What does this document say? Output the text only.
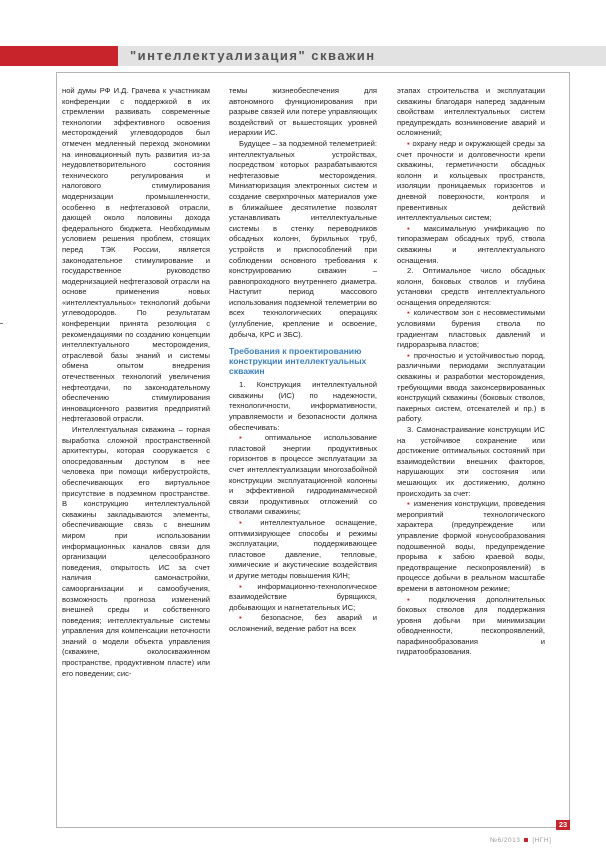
"интеллектуализация" скважин

ной думы РФ И.Д. Грачева к участникам конференции с поддержкой в их стремлении развивать современные технологии эффективного освоения месторождений углеводородов был отмечен медленный переход экономики на инновационный путь развития из-за неудовлетворительного состояния технического регулирования и налогового стимулирования модернизации промышленности, особенно в нефтегазовой отрасли, дающей около половины дохода федерального бюджета. Необходимым условием решения проблем, стоящих перед ТЭК России, является законодательное стимулирование и государственное руководство модернизацией нефтегазовой отрасли на основе применения новых «интеллектуальных» технологий добычи углеводородов. По результатам конференции принята резолюция с рекомендациями по созданию концепции интеллектуального месторождения, отраслевой базы знаний и системы обмена опытом внедрения отечественных технологий увеличения нефтеотдачи, по законодательному обеспечению стимулирования инновационного развития предприятий нефтегазовой отрасли.

Интеллектуальная скважина – горная выработка сложной пространственной архитектуры, которая сооружается с опосредованным доступом в нее человека при помощи киберустройств, обеспечивающих его виртуальное присутствие в подземном пространстве. В конструкцию интеллектуальной скважины закладываются элементы, обеспечивающие связь с внешним миром при использовании информационных каналов связи для организации целесообразного поведения, открытость ИС за счет наличия самонастройки, самоорганизации и самообучения, возможность прогноза изменений внешней среды и собственного поведения; интеллектуальные системы управления для компенсации неточности знаний о модели объекта управления (скважине, околоскважинном пространстве, продуктивном пласте) или его поведении; сис-

темы жизнеобеспечения для автономного функционирования при разрыве связей или потере управляющих воздействий от вышестоящих уровней иерархии ИС.

Будущее – за подземной телеметрией: интеллектуальных устройствах, посредством которых разрабатываются нефтегазовые месторождения. Миниатюризация электронных систем и создание сверхпрочных материалов уже в ближайшее десятилетие позволят устанавливать интеллектуальные системы в стенку переводников обсадных колонн, бурильных труб, устройств и приспособлений при соблюдении основного требования к конструированию скважин – равнопроходного внутреннего диаметра. Наступит период массового использования подземной телеметрии во всех технологических операциях (углубление, крепление и освоение, добыча, КРС и ЗБС).

Требования к проектированию конструкции интеллектуальных скважин

1. Конструкция интеллектуальной скважины (ИС) по надежности, технологичности, информативности, управляемости и безопасности должна обеспечивать:

▪ оптимальное использование пластовой энергии продуктивных горизонтов в процессе эксплуатации за счет интеллектуализации многозабойной конструкции эксплуатационной колонны и эффективной гидродинамической связи продуктивных отложений со стволами скважины;

▪ интеллектуальное оснащение, оптимизирующее способы и режимы эксплуатации, поддерживающее пластовое давление, тепловые, химические и акустические воздействия и другие методы повышения КИН;

▪ информационно-технологическое взаимодействие бурящихся, добывающих и нагнетательных ИС;

▪ безопасное, без аварий и осложнений, ведение работ на всех

этапах строительства и эксплуатации скважины благодаря наперед заданным свойствам интеллектуальных систем предупреждать возникновение аварий и осложнений;

▪ охрану недр и окружающей среды за счет прочности и долговечности крепи скважины, герметичности обсадных колонн и кольцевых пространств, изоляции проницаемых горизонтов и дневной поверхности, контроля и превентивных действий интеллектуальных систем;

▪ максимальную унификацию по типоразмерам обсадных труб, ствола скважины и интеллектуального оснащения.

2. Оптимальное число обсадных колонн, боковых стволов и глубина установки средств интеллектуального оснащения определяются:

▪ количеством зон с несовместимыми условиями бурения ствола по градиентам пластовых давлений и гидроразрыва пластов;

▪ прочностью и устойчивостью пород, различными периодами эксплуатации скважины и разработки месторождения, требующими ввода законсервированных конструкций скважины (боковых стволов, пакерных систем, отсекателей и пр.) в работу.

3. Самонастраивание конструкции ИС на устойчивое сохранение или достижение оптимальных состояний при взаимодействии внешних факторов, нарушающих эти состояния или мешающих их достижению, должно происходить за счет:

▪ изменения конструкции, проведения мероприятий технологического характера (предупреждение или управление формой конусообразования подошвенной воды, предупреждение прорыва к забою краевой воды, предотвращение пескопроявлений) в процессе добычи в реальном масштабе времени в автономном режиме;

▪ подключения дополнительных боковых стволов для поддержания уровня добычи при минимизации обводненности, пескопроявлений, парафинообразования и гидратообразования.

№6/2013 [НГН]
23
